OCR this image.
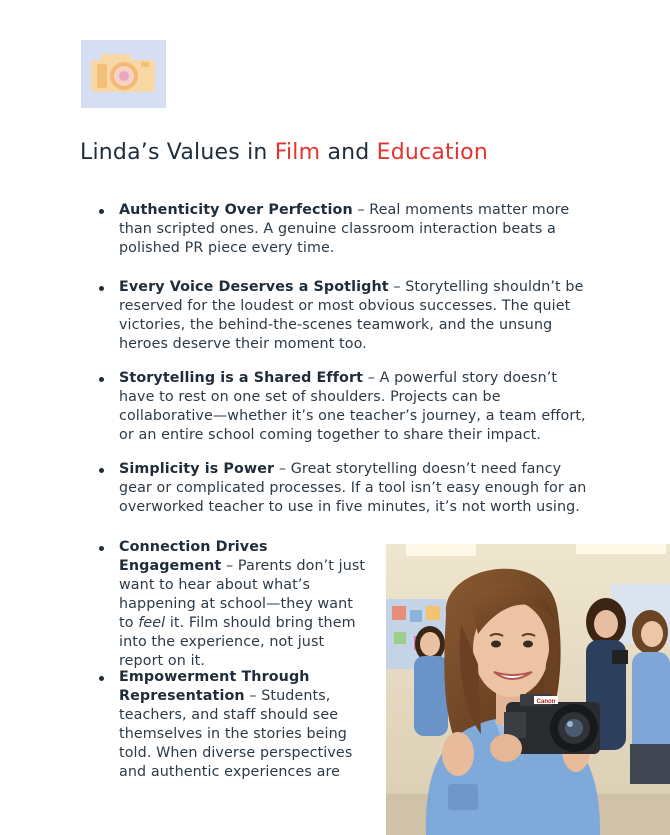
Linda’s Values in Film and Education
Authenticity Over Perfection – Real moments matter more than scripted ones. A genuine classroom interaction beats a polished PR piece every time.
Every Voice Deserves a Spotlight – Storytelling shouldn’t be reserved for the loudest or most obvious successes. The quiet victories, the behind-the-scenes teamwork, and the unsung heroes deserve their moment too.
Storytelling is a Shared Effort – A powerful story doesn’t have to rest on one set of shoulders. Projects can be collaborative—whether it’s one teacher’s journey, a team effort, or an entire school coming together to share their impact.
Simplicity is Power – Great storytelling doesn’t need fancy gear or complicated processes. If a tool isn’t easy enough for an overworked teacher to use in five minutes, it’s not worth using.
Connection Drives Engagement – Parents don’t just want to hear about what’s happening at school—they want to feel it. Film should bring them into the experience, not just report on it.
Empowerment Through Representation – Students, teachers, and staff should see themselves in the stories being told. When diverse perspectives and authentic experiences are
Canon
